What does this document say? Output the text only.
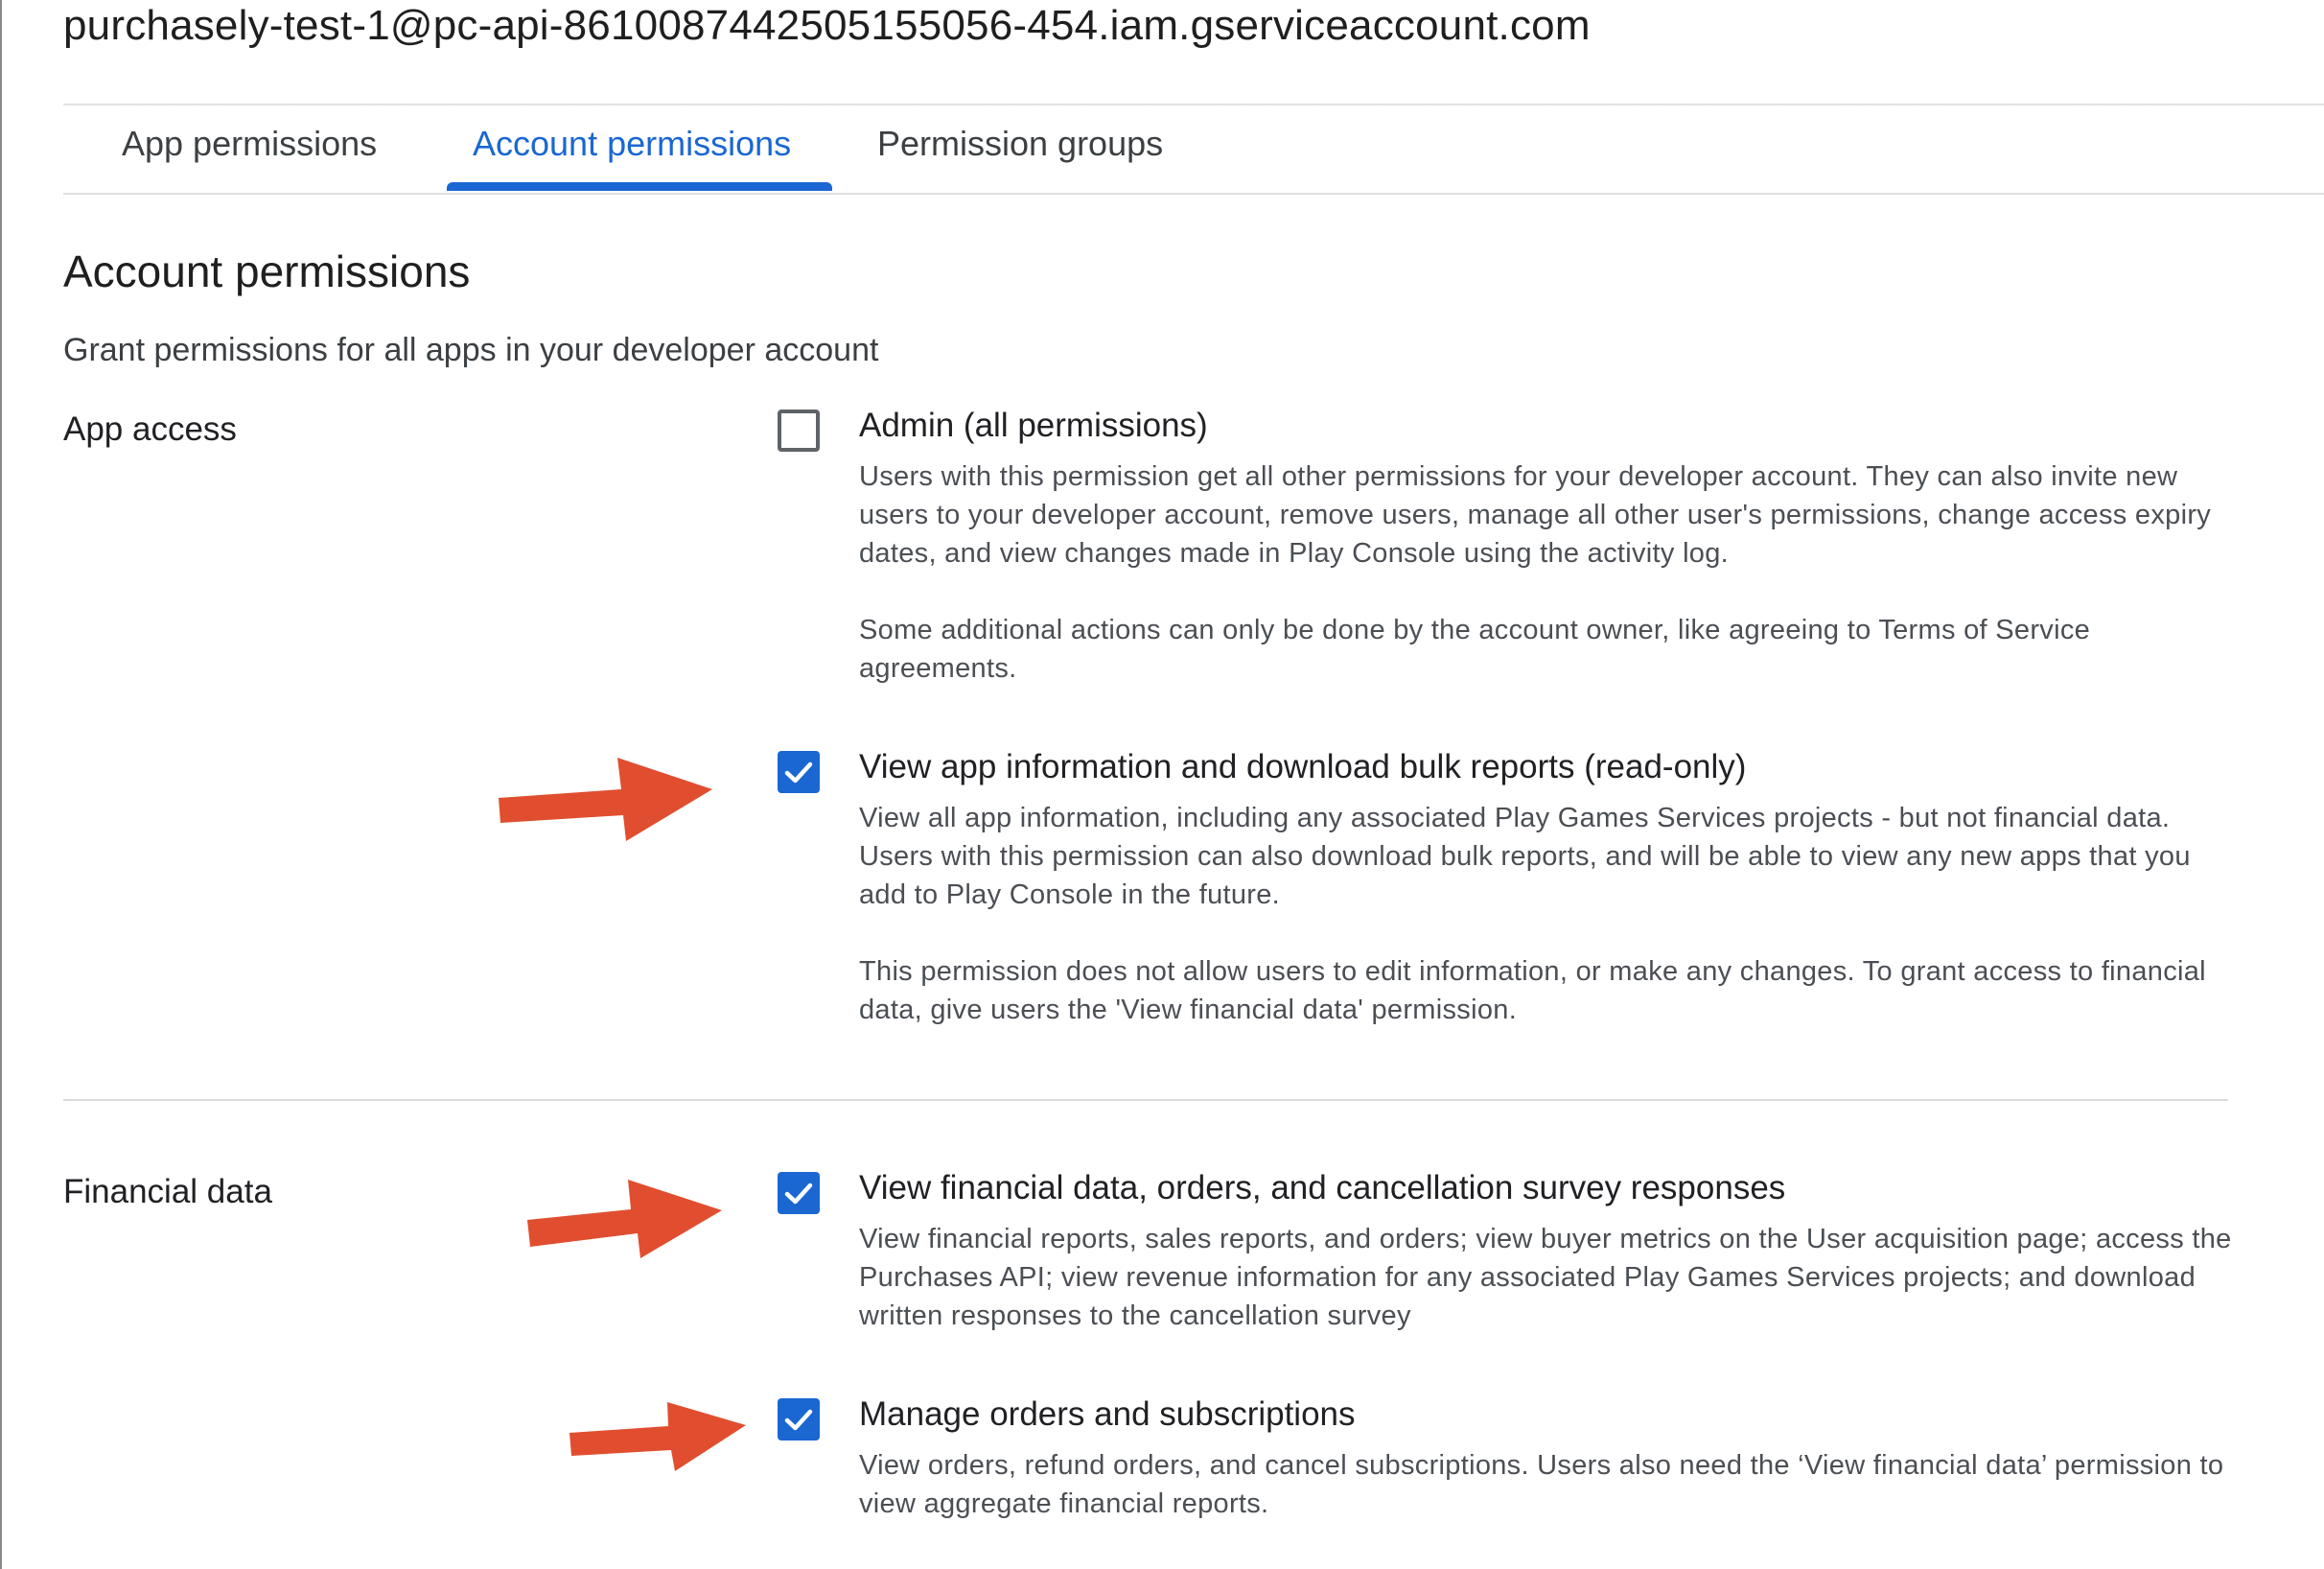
purchasely-test-1@pc-api-8610087442505155056-454.iam.gserviceaccount.com
App permissions	Account permissions Permission groups
Account permissions
Grant permissions for all apps in your developer account
App access	Admin (all permissions)
Users with this permission get all other permissions for your developer account. They can also invite new users to your developer account, remove users, manage all other user's permissions, change access expiry dates, and view changes made in Play Console using the activity log.
Some additional actions can only be done by the account owner, like agreeing to Terms of Service agreements.
View app information and download bulk reports (read-only)
View all app information, including any associated Play Games Services projects - but not financial data. Users with this permission can also download bulk reports, and will be able to view any new apps that you add to Play Console in the future.
This permission does not allow users to edit information, or make any changes. To grant access to financial data, give users the 'View financial data' permission.
Financial data	View financial data, orders, and cancellation survey responses
View financial reports, sales reports, and orders; view buyer metrics on the User acquisition page; access the Purchases API; view revenue information for any associated Play Games Services projects; and download written responses to the cancellation survey
Manage orders and subscriptions
View orders, refund orders, and cancel subscriptions. Users also need the ‘View financial data’ permission to view aggregate financial reports.
